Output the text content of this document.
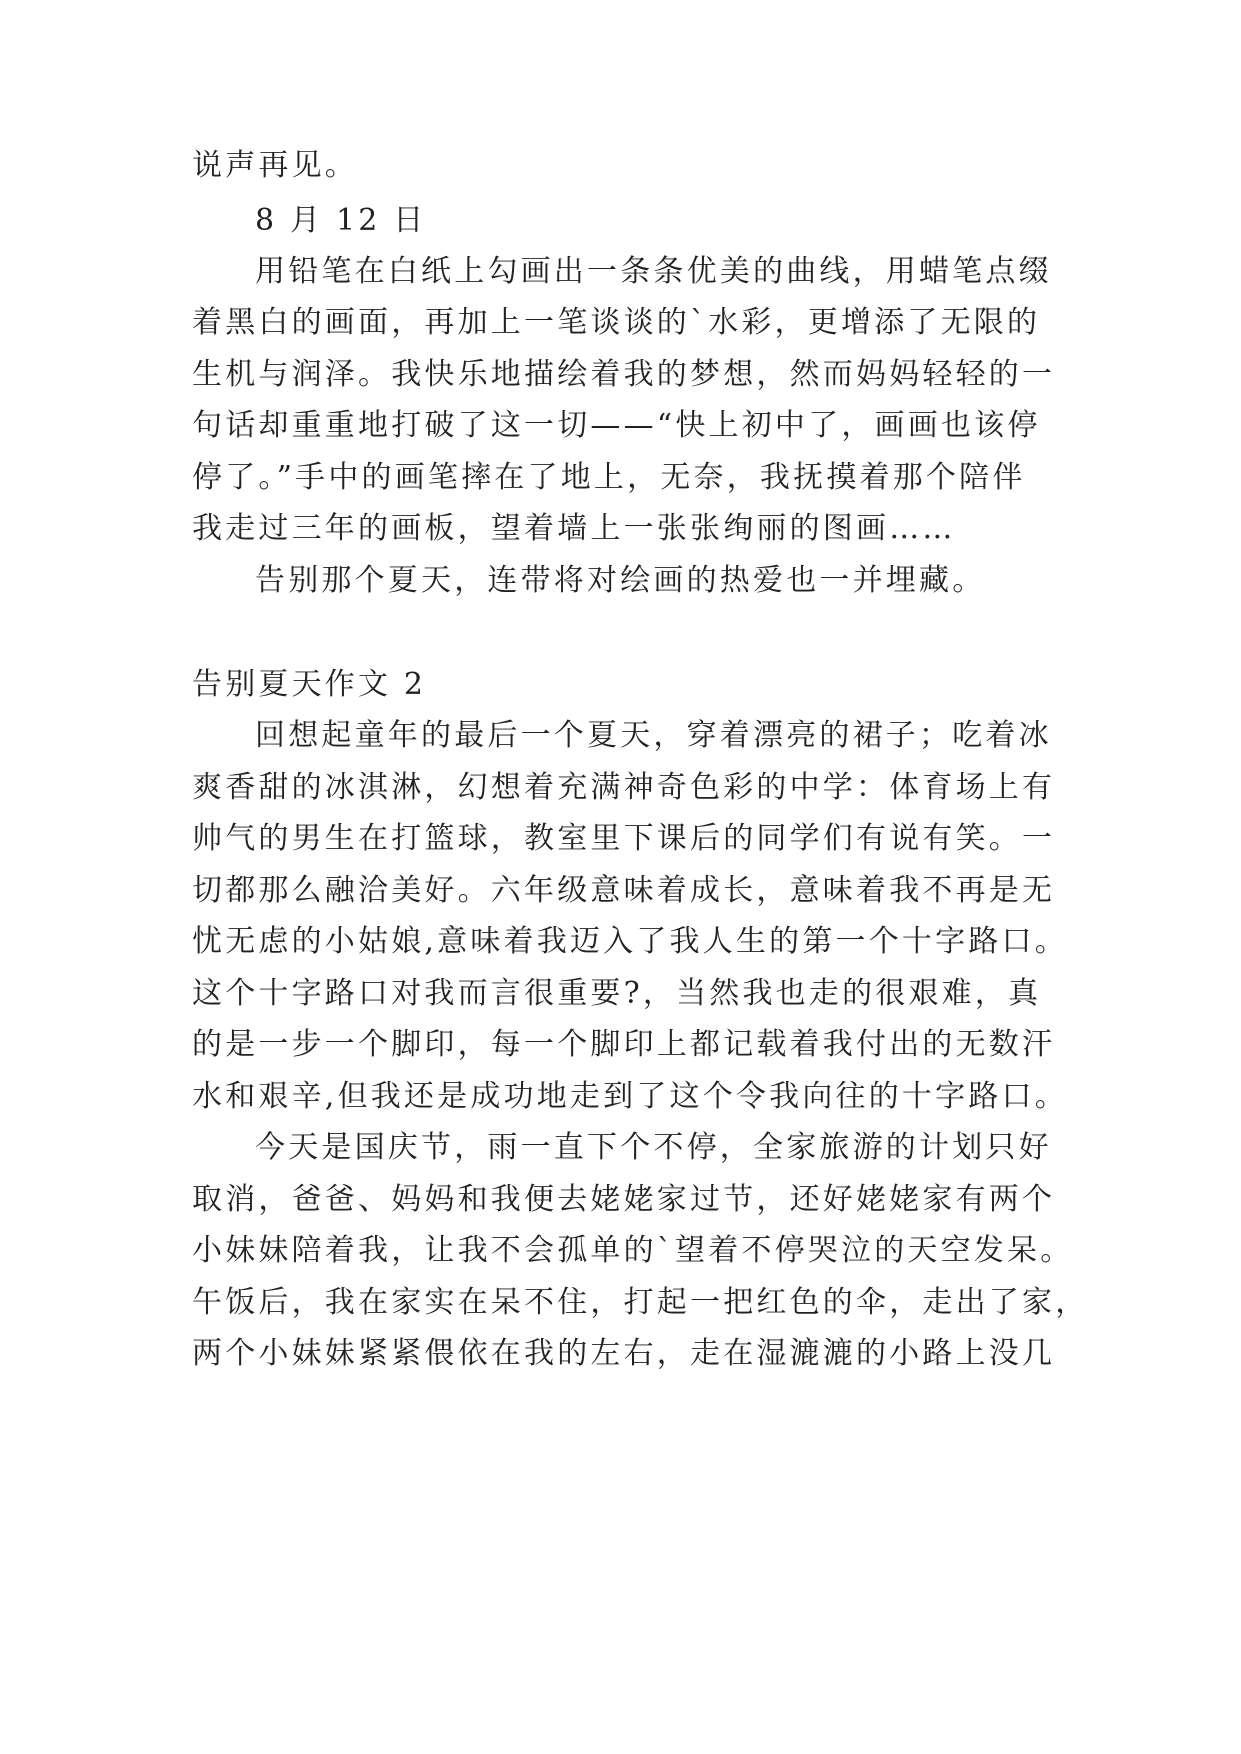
说声再见。
8 月 12 日
用铅笔在白纸上勾画出一条条优美的曲线，用蜡笔点缀
着黑白的画面，再加上一笔谈谈的`水彩，更增添了无限的
生机与润泽。我快乐地描绘着我的梦想，然而妈妈轻轻的一
句话却重重地打破了这一切——“快上初中了，画画也该停
停了。”手中的画笔摔在了地上，无奈，我抚摸着那个陪伴
我走过三年的画板，望着墙上一张张绚丽的图画……
告别那个夏天，连带将对绘画的热爱也一并埋藏。
告别夏天作文 2
回想起童年的最后一个夏天，穿着漂亮的裙子；吃着冰
爽香甜的冰淇淋，幻想着充满神奇色彩的中学：体育场上有
帅气的男生在打篮球，教室里下课后的同学们有说有笑。一
切都那么融洽美好。六年级意味着成长，意味着我不再是无
忧无虑的小姑娘,意味着我迈入了我人生的第一个十字路口。
这个十字路口对我而言很重要?，当然我也走的很艰难，真
的是一步一个脚印，每一个脚印上都记载着我付出的无数汗
水和艰辛,但我还是成功地走到了这个令我向往的十字路口。
今天是国庆节，雨一直下个不停，全家旅游的计划只好
取消，爸爸、妈妈和我便去姥姥家过节，还好姥姥家有两个
小妹妹陪着我，让我不会孤单的`望着不停哭泣的天空发呆。
午饭后，我在家实在呆不住，打起一把红色的伞，走出了家，
两个小妹妹紧紧偎依在我的左右，走在湿漉漉的小路上没几
